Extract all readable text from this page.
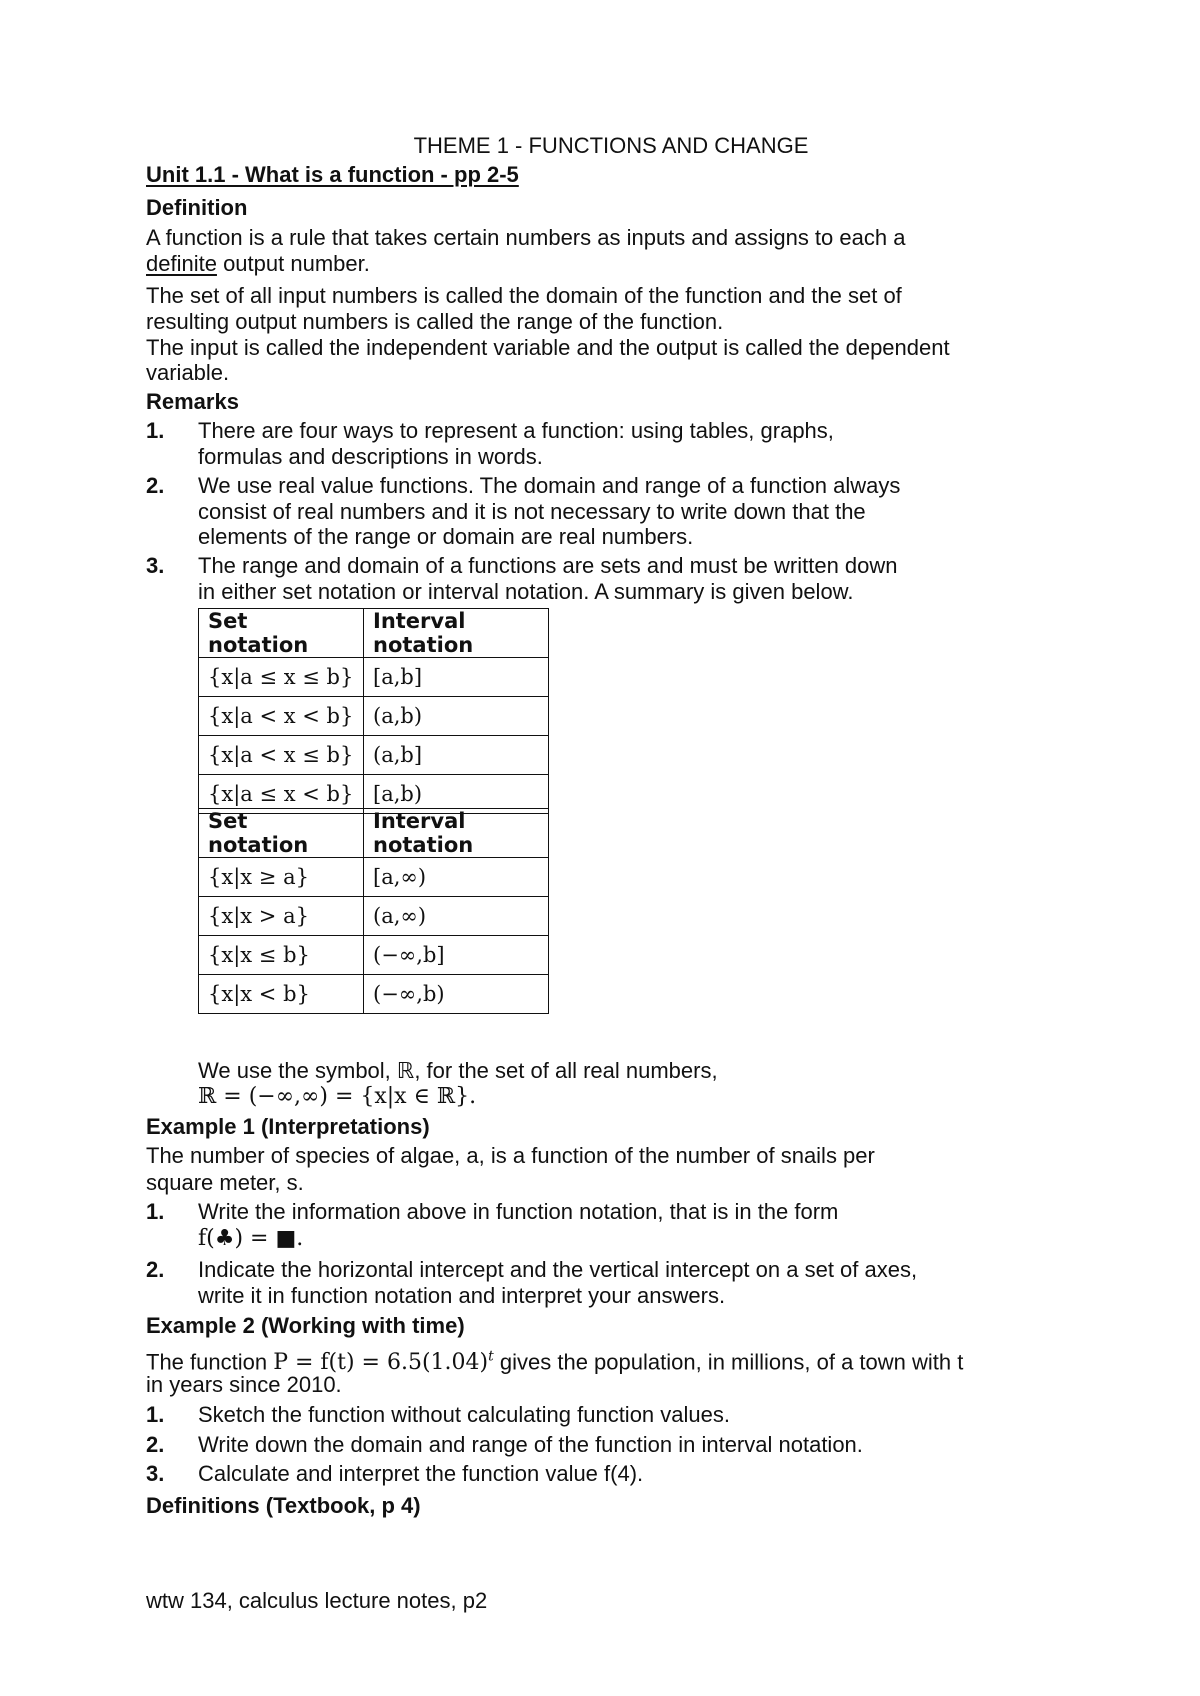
THEME 1 - FUNCTIONS AND CHANGE
Unit 1.1 - What is a function - pp 2-5
Definition
A function is a rule that takes certain numbers as inputs and assigns to each a
definite output number.
The set of all input numbers is called the domain of the function and the set of
resulting output numbers is called the range of the function.
The input is called the independent variable and the output is called the dependent
variable.
Remarks
1.	There are four ways to represent a function: using tables, graphs,
formulas and descriptions in words.
2. We use real value functions. The domain and range of a function always
consist of real numbers and it is not necessary to write down that the
elements of the range or domain are real numbers.
3. The range and domain of a functions are sets and must be written down
in either set notation or interval notation. A summary is given below.
Set notation	Interval notation
{x|a ≤ x ≤ b}	[a,b]
{x|a < x < b}	(a,b)
{x|a < x ≤ b}	(a,b]
{x|a ≤ x < b}	[a,b)
Set notation	Interval notation
{x|x ≥ a}	[a,∞)
{x|x > a}	(a,∞)
{x|x ≤ b}	(−∞,b]
{x|x < b}	(−∞,b)
We use the symbol, ℝ, for the set of all real numbers,
ℝ = (−∞,∞) = {x|x ∈ ℝ}.
Example 1 (Interpretations)
The number of species of algae, a, is a function of the number of snails per
square meter, s.
1. Write the information above in function notation, that is in the form
f(♣) = ■.
2. Indicate the horizontal intercept and the vertical intercept on a set of axes,
write it in function notation and interpret your answers.
Example 2 (Working with time)
The function $P = f(t) = 6.5(1.04)^t$ gives the population, in millions, of a town with t
in years since 2010.
1. Sketch the function without calculating function values.
2. Write down the domain and range of the function in interval notation.
3. Calculate and interpret the function value f(4).
Definitions (Textbook, p 4)
wtw 134, calculus lecture notes, p2
